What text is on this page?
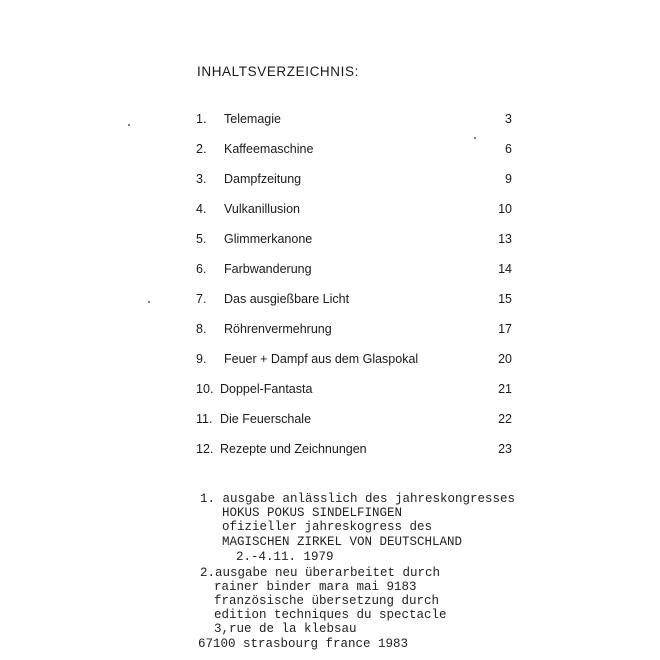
INHALTSVERZEICHNIS:
1. Telemagie	3
2. Kaffeemaschine	6
3. Dampfzeitung	9
4. Vulkanillusion	10
5. Glimmerkanone	13
6. Farbwanderung	14
7. Das ausgießbare Licht	15
8. Röhrenvermehrung	17
9. Feuer + Dampf aus dem Glaspokal	20
10. Doppel-Fantasta	21
11. Die Feuerschale	22
12. Rezepte und Zeichnungen	23
1. ausgabe anlässlich des jahreskongresses
HOKUS POKUS SINDELFINGEN
ofizieller jahreskogress des
MAGISCHEN ZIRKEL VON DEUTSCHLAND
2.-4.11. 1979
2.ausgabe neu überarbeitet durch
rainer binder mara mai 9183
französische übersetzung durch
edition techniques du spectacle
3,rue de la klebsau
67100 strasbourg france 1983
